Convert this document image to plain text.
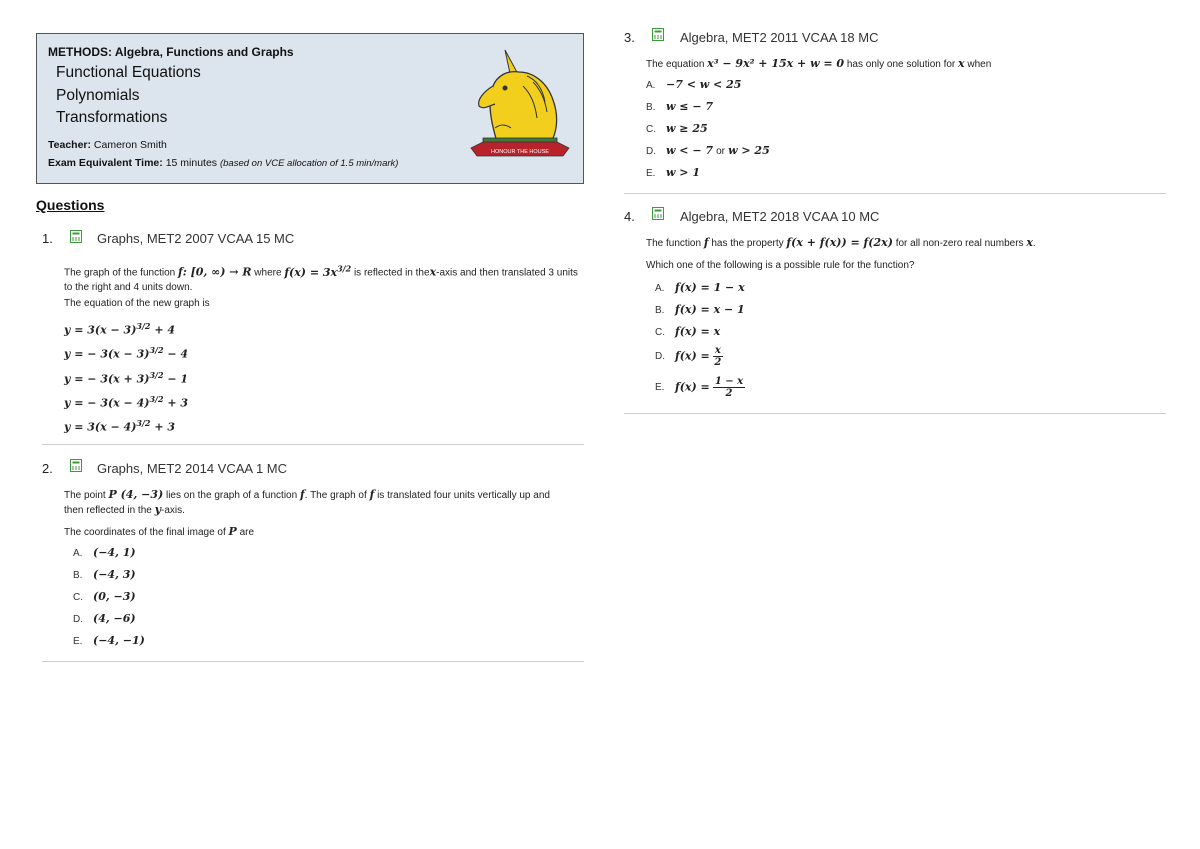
METHODS: Algebra, Functions and Graphs
Functional Equations
Polynomials
Transformations
Teacher: Cameron Smith
Exam Equivalent Time: 15 minutes (based on VCE allocation of 1.5 min/mark)
HONOUR THE HOUSE
Questions
1.	Graphs, MET2 2007 VCAA 15 MC
The graph of the function f: [0, ∞) → R where $f(x) = 3x^{3/2}$ is reflected in thex-axis and then translated 3 units to the right and 4 units down.
The equation of the new graph is
$y = 3(x - 3)^{3/2} + 4$
y = − $3(x - 3)^{3/2} - 4$
y = − $3(x + 3)^{3/2} - 1$
y = − $3(x - 4)^{3/2} + 3$
$y = 3(x - 4)^{3/2} + 3$
2.	Graphs, MET2 2014 VCAA 1 MC
The point P (4, −3) lies on the graph of a function f. The graph of f is translated four units vertically up and then reflected in the y-axis.
The coordinates of the final image of P are
A. (−4, 1)
B. (−4, 3)
C. (0, −3)
D. (4, −6)
E. (−4, −1)
3.	Algebra, MET2 2011 VCAA 18 MC
The equation x³ − 9x² + 15x + w = 0 has only one solution for x when
A. −7 < w < 25
B. w ≤ − 7
C. w ≥ 25
D. w < − 7 or w > 25
E. w > 1
4.	Algebra, MET2 2018 VCAA 10 MC
The function f has the property f(x + f(x)) = f(2x) for all non-zero real numbers x.
Which one of the following is a possible rule for the function?
A. f(x) = 1 − x
B. f(x) = x − 1
C. f(x) = x
D. $f(x) = \frac{x}{2}$
E. $f(x) = \frac{1 - x}{2}$
